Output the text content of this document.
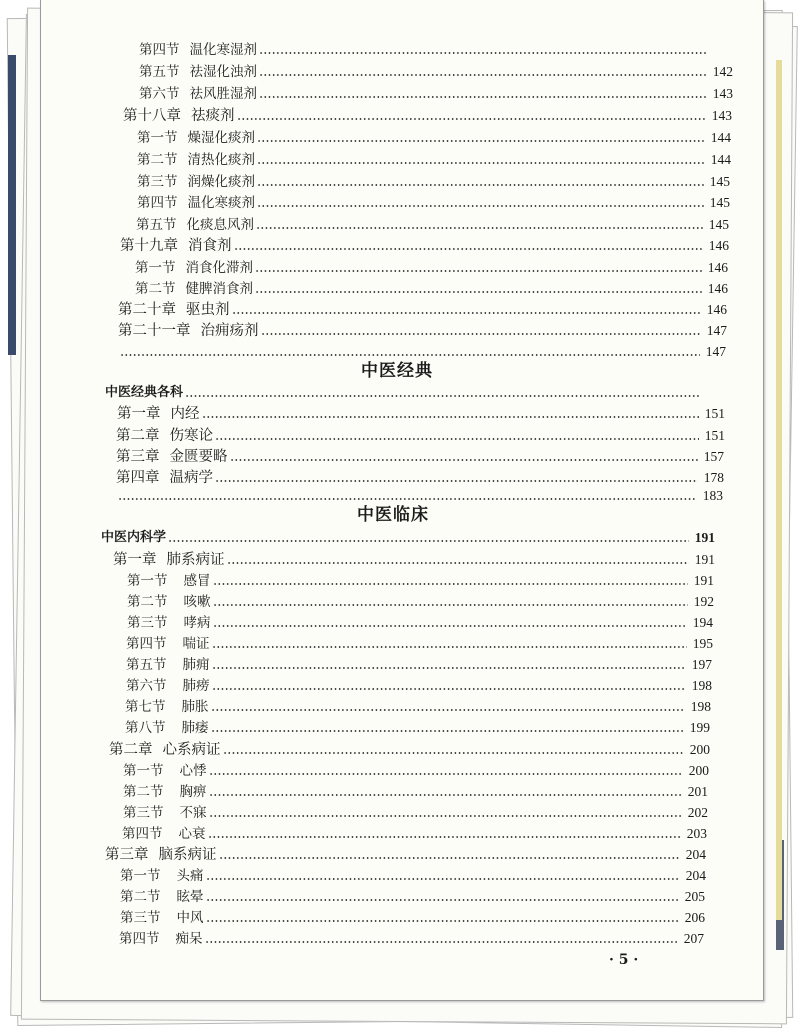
第四节 温化寒湿剂
第五节 祛湿化浊剂	142
第六节 祛风胜湿剂	143
第十八章 祛痰剂	143
第一节 燥湿化痰剂	144
第二节 清热化痰剂	144
第三节 润燥化痰剂	145
第四节 温化寒痰剂	145
第五节 化痰息风剂	145
第十九章 消食剂	146
第一节 消食化滞剂	146
第二节 健脾消食剂	146
第二十章 驱虫剂	146
第二十一章 治痈疡剂	147
147
中医经典
中医经典各科
第一章 内经	151
第二章 伤寒论	151
第三章 金匮要略	157
第四章 温病学	178
183
中医临床
中医内科学	191
第一章 肺系病证	191
第一节 感冒	191
第二节 咳嗽	192
第三节 哮病	194
第四节 喘证	195
第五节 肺痈	197
第六节 肺痨	198
第七节 肺胀	198
第八节 肺痿	199
第二章 心系病证	200
第一节 心悸	200
第二节 胸痹	201
第三节 不寐	202
第四节 心衰	203
第三章 脑系病证	204
第一节 头痛	204
第二节 眩晕	205
第三节 中风	206
第四节 痴呆	207
· 5 ·
